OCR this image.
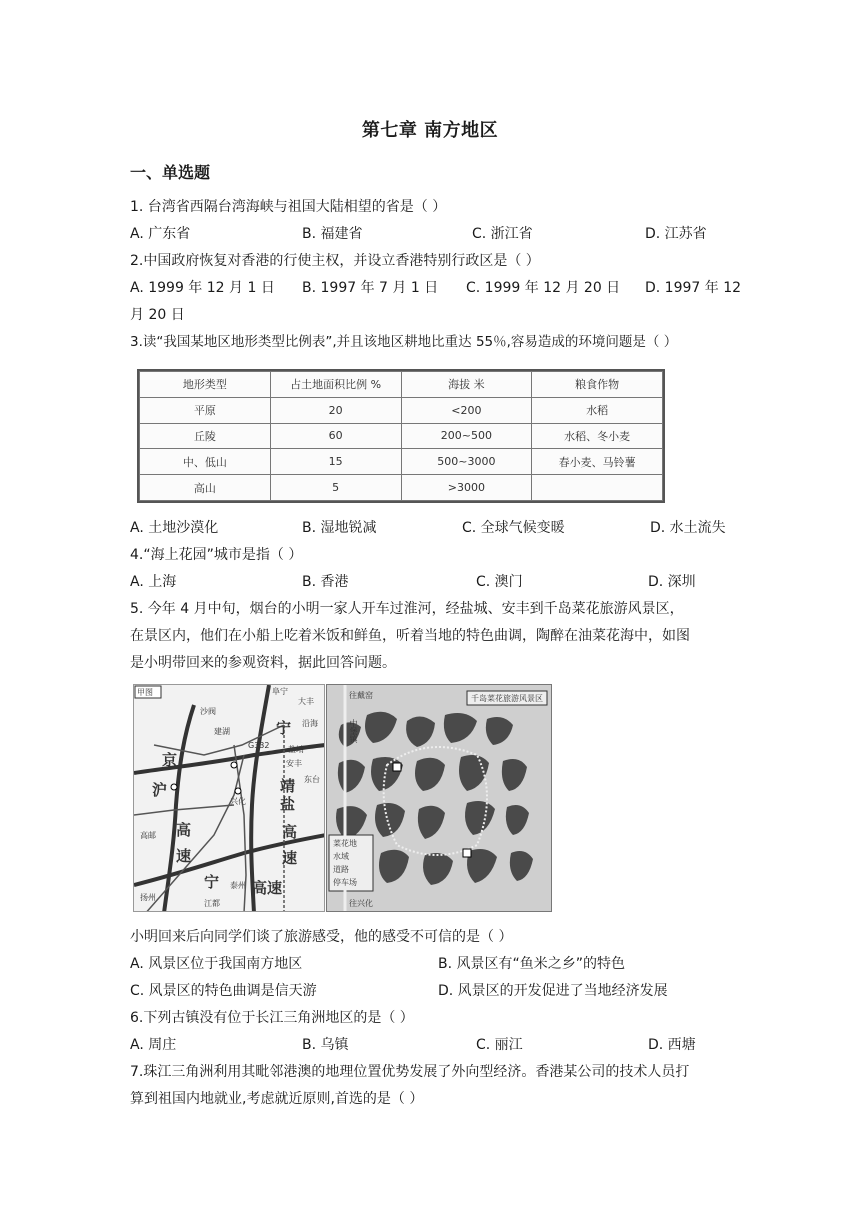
第七章 南方地区
一、单选题
1. 台湾省西隔台湾海峡与祖国大陆相望的省是（ ）
A. 广东省	B. 福建省	C. 浙江省	D. 江苏省
2.中国政府恢复对香港的行使主权，并设立香港特别行政区是（ ）
A. 1999 年 12 月 1 日 B. 1997 年 7 月 1 日 C. 1999 年 12 月 20 日 D. 1997 年 12
月 20 日
3.读“我国某地区地形类型比例表”,并且该地区耕地比重达 55％,容易造成的环境问题是（ ）
地形类型	占土地面积比例 %	海拔 米	粮食作物
平原	20	<200	水稻
丘陵	60	200~500	水稻、冬小麦
中、低山	15	500~3000	春小麦、马铃薯
高山	5	>3000	
A. 土地沙漠化	B. 湿地锐减	C. 全球气候变暖	D. 水土流失
4.“海上花园”城市是指（ ）
A. 上海	B. 香港	C. 澳门	D. 深圳
5. 今年 4 月中旬，烟台的小明一家人开车过淮河，经盐城、安丰到千岛菜花旅游风景区，
在景区内，他们在小船上吃着米饭和鲜鱼，听着当地的特色曲调，陶醉在油菜花海中，如图
是小明带回来的参观资料，据此回答问题。
甲图
沙阀
建湖
京
宁
G332
沪
兴化 盐
靖
高
速
高
速
阜宁
宁
高邮
扬州
江都
泰州 高速
盐靖
沿海
东台
大丰
安丰
千岛菜花旅游风景区
往戴窑
往兴化
中堡镇
菜花地
水域
道路
停车场
小明回来后向同学们谈了旅游感受，他的感受不可信的是（ ）
A. 风景区位于我国南方地区	B. 风景区有“鱼米之乡”的特色
C. 风景区的特色曲调是信天游	D. 风景区的开发促进了当地经济发展
6.下列古镇没有位于长江三角洲地区的是（ ）
A. 周庄	B. 乌镇	C. 丽江	D. 西塘
7.珠江三角洲利用其毗邻港澳的地理位置优势发展了外向型经济。香港某公司的技术人员打
算到祖国内地就业,考虑就近原则,首选的是（ ）
